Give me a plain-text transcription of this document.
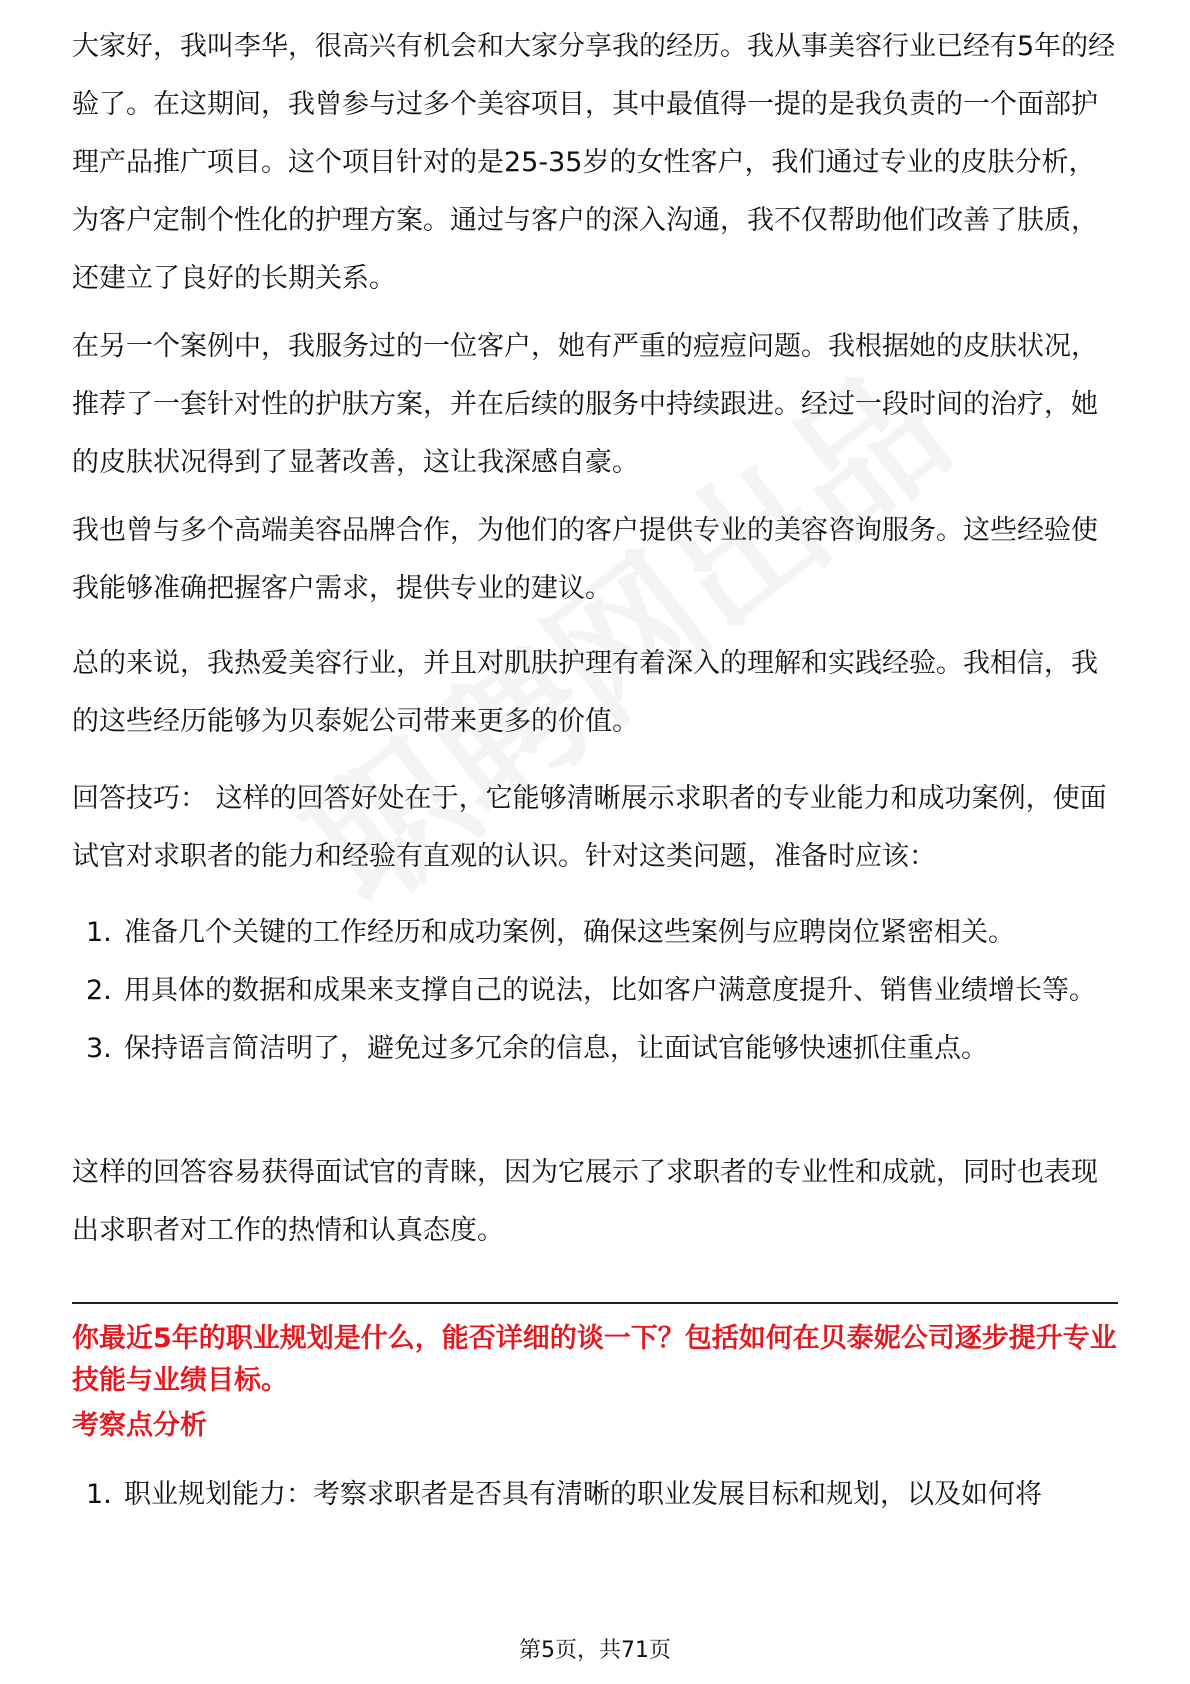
大家好，我叫李华，很高兴有机会和大家分享我的经历。我从事美容行业已经有5年的经验了。在这期间，我曾参与过多个美容项目，其中最值得一提的是我负责的一个面部护理产品推广项目。这个项目针对的是25-35岁的女性客户，我们通过专业的皮肤分析，为客户定制个性化的护理方案。通过与客户的深入沟通，我不仅帮助他们改善了肤质，还建立了良好的长期关系。

在另一个案例中，我服务过的一位客户，她有严重的痘痘问题。我根据她的皮肤状况，推荐了一套针对性的护肤方案，并在后续的服务中持续跟进。经过一段时间的治疗，她的皮肤状况得到了显著改善，这让我深感自豪。

我也曾与多个高端美容品牌合作，为他们的客户提供专业的美容咨询服务。这些经验使我能够准确把握客户需求，提供专业的建议。

总的来说，我热爱美容行业，并且对肌肤护理有着深入的理解和实践经验。我相信，我的这些经历能够为贝泰妮公司带来更多的价值。

回答技巧： 这样的回答好处在于，它能够清晰展示求职者的专业能力和成功案例，使面试官对求职者的能力和经验有直观的认识。针对这类问题，准备时应该：

1. 准备几个关键的工作经历和成功案例，确保这些案例与应聘岗位紧密相关。
2. 用具体的数据和成果来支撑自己的说法，比如客户满意度提升、销售业绩增长等。
3. 保持语言简洁明了，避免过多冗余的信息，让面试官能够快速抓住重点。

这样的回答容易获得面试官的青睐，因为它展示了求职者的专业性和成就，同时也表现出求职者对工作的热情和认真态度。

你最近5年的职业规划是什么，能否详细的谈一下？包括如何在贝泰妮公司逐步提升专业技能与业绩目标。

考察点分析

1. 职业规划能力：考察求职者是否具有清晰的职业发展目标和规划，以及如何将
第5页，共71页
